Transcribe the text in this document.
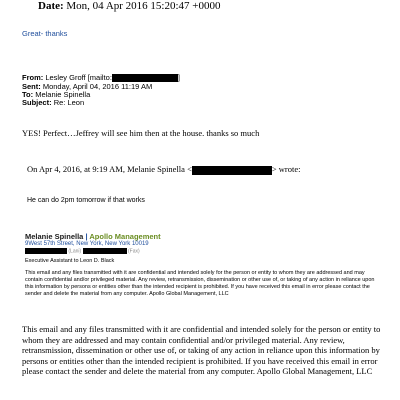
Date: Mon, 04 Apr 2016 15:20:47 +0000
Great- thanks
From: Lesley Groff [mailto:	]
Sent: Monday, April 04, 2016 11:19 AM
To: Melanie Spinella
Subject: Re: Leon
YES! Perfect…Jeffrey will see him then at the house. thanks so much
On Apr 4, 2016, at 9:19 AM, Melanie Spinella <	> wrote:
He can do 2pm tomorrow if that works
Melanie Spinella | Apollo Management
9West 57th Street, New York, New York 10019
(Lani)	(Fax)
Executive Assistant to Leon D. Black
This email and any files transmitted with it are confidential and intended solely for the person or entity to whom they are addressed and may contain confidential and/or privileged material. Any review, retransmission, dissemination or other use of, or taking of any action in reliance upon this information by persons or entities other than the intended recipient is prohibited. If you have received this email in error please contact the sender and delete the material from any computer. Apollo Global Management, LLC
This email and any files transmitted with it are confidential and intended solely for the person or entity to whom they are addressed and may contain confidential and/or privileged material. Any review, retransmission, dissemination or other use of, or taking of any action in reliance upon this information by persons or entities other than the intended recipient is prohibited. If you have received this email in error please contact the sender and delete the material from any computer. Apollo Global Management, LLC
